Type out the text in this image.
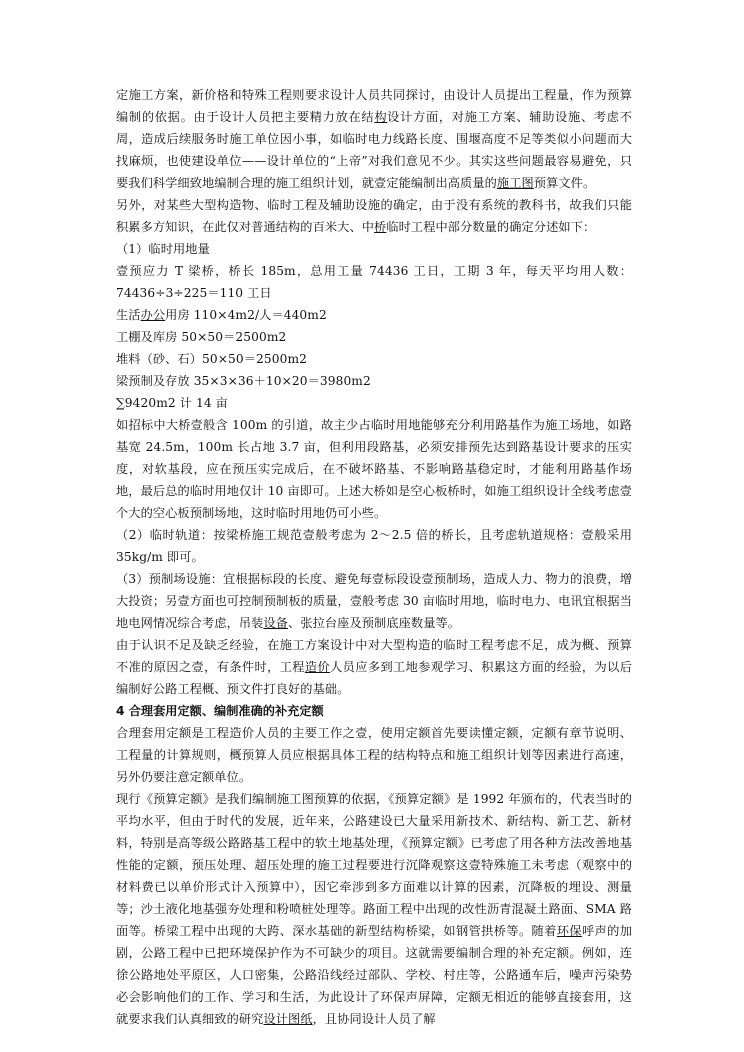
定施工方案，新价格和特殊工程则要求设计人员共同探讨，由设计人员提出工程量，作为预算编制的依据。由于设计人员把主要精力放在结构设计方面，对施工方案、辅助设施、考虑不周，造成后续服务时施工单位因小事，如临时电力线路长度、围堰高度不足等类似小问题而大找麻烦，也使建设单位——设计单位的“上帝”对我们意见不少。其实这些问题最容易避免，只要我们科学细致地编制合理的施工组织计划，就壹定能编制出高质量的施工图预算文件。

另外，对某些大型构造物、临时工程及辅助设施的确定，由于没有系统的教科书，故我们只能积累多方知识，在此仅对普通结构的百米大、中桥临时工程中部分数量的确定分述如下：

（1）临时用地量

壹预应力 T 梁桥，桥长 185m，总用工量 74436 工日，工期 3 年，每天平均用人数：74436÷3÷225＝110 工日

生活办公用房 110×4m2/人＝440m2

工棚及库房 50×50＝2500m2

堆料（砂、石）50×50＝2500m2

梁预制及存放 35×3×36＋10×20＝3980m2

∑9420m2 计 14 亩

如招标中大桥壹般含 100m 的引道，故主少占临时用地能够充分利用路基作为施工场地，如路基宽 24.5m，100m 长占地 3.7 亩，但利用段路基，必须安排预先达到路基设计要求的压实度，对软基段，应在预压实完成后，在不破坏路基、不影响路基稳定时，才能利用路基作场地，最后总的临时用地仅计 10 亩即可。上述大桥如是空心板桥时，如施工组织设计全线考虑壹个大的空心板预制场地，这时临时用地仍可小些。

（2）临时轨道：按梁桥施工规范壹般考虑为 2～2.5 倍的桥长，且考虑轨道规格：壹般采用 35kg/m 即可。

（3）预制场设施：宜根据标段的长度、避免每壹标段设壹预制场，造成人力、物力的浪费，增大投资；另壹方面也可控制预制板的质量，壹般考虑 30 亩临时用地，临时电力、电讯宜根据当地电网情况综合考虑，吊装设备、张拉台座及预制底座数量等。

由于认识不足及缺乏经验，在施工方案设计中对大型构造的临时工程考虑不足，成为概、预算不准的原因之壹，有条件时，工程造价人员应多到工地参观学习、积累这方面的经验，为以后编制好公路工程概、预文件打良好的基础。

4 合理套用定额、编制准确的补充定额

合理套用定额是工程造价人员的主要工作之壹，使用定额首先要读懂定额，定额有章节说明、工程量的计算规则，概预算人员应根据具体工程的结构特点和施工组织计划等因素进行高速，另外仍要注意定额单位。

现行《预算定额》是我们编制施工图预算的依据，《预算定额》是 1992 年颁布的，代表当时的平均水平，但由于时代的发展，近年来，公路建设已大量采用新技术、新结构、新工艺、新材料，特别是高等级公路路基工程中的软土地基处理，《预算定额》已考虑了用各种方法改善地基性能的定额，预压处理、超压处理的施工过程要进行沉降观察这壹特殊施工未考虑（观察中的材料费已以单价形式计入预算中），因它牵涉到多方面难以计算的因素，沉降板的埋设、测量等；沙土液化地基强夯处理和粉喷桩处理等。路面工程中出现的改性沥青混凝土路面、SMA 路面等。桥梁工程中出现的大跨、深水基础的新型结构桥梁，如钢管拱桥等。随着环保呼声的加剧，公路工程中已把环境保护作为不可缺少的项目。这就需要编制合理的补充定额。例如，连徐公路地处平原区，人口密集，公路沿线经过部队、学校、村庄等，公路通车后，噪声污染势必会影响他们的工作、学习和生活，为此设计了环保声屏障，定额无相近的能够直接套用，这就要求我们认真细致的研究设计图纸，且协同设计人员了解
